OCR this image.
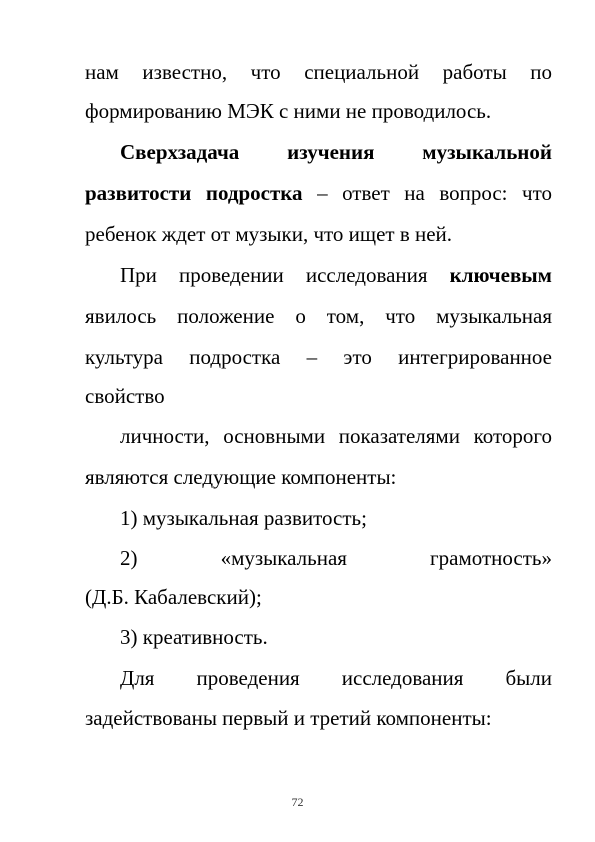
нам известно, что специальной работы по
формированию МЭК с ними не проводилось.
Сверхзадача изучения музыкальной
развитости подростка – ответ на вопрос: что
ребенок ждет от музыки, что ищет в ней.
При проведении исследования ключевым
явилось положение о том, что музыкальная
культура подростка – это интегрированное
свойство
личности, основными показателями которого
являются следующие компоненты:
1) музыкальная развитость;
2) «музыкальная грамотность»
(Д.Б. Кабалевский);
3) креативность.
Для проведения исследования были
задействованы первый и третий компоненты:
72
